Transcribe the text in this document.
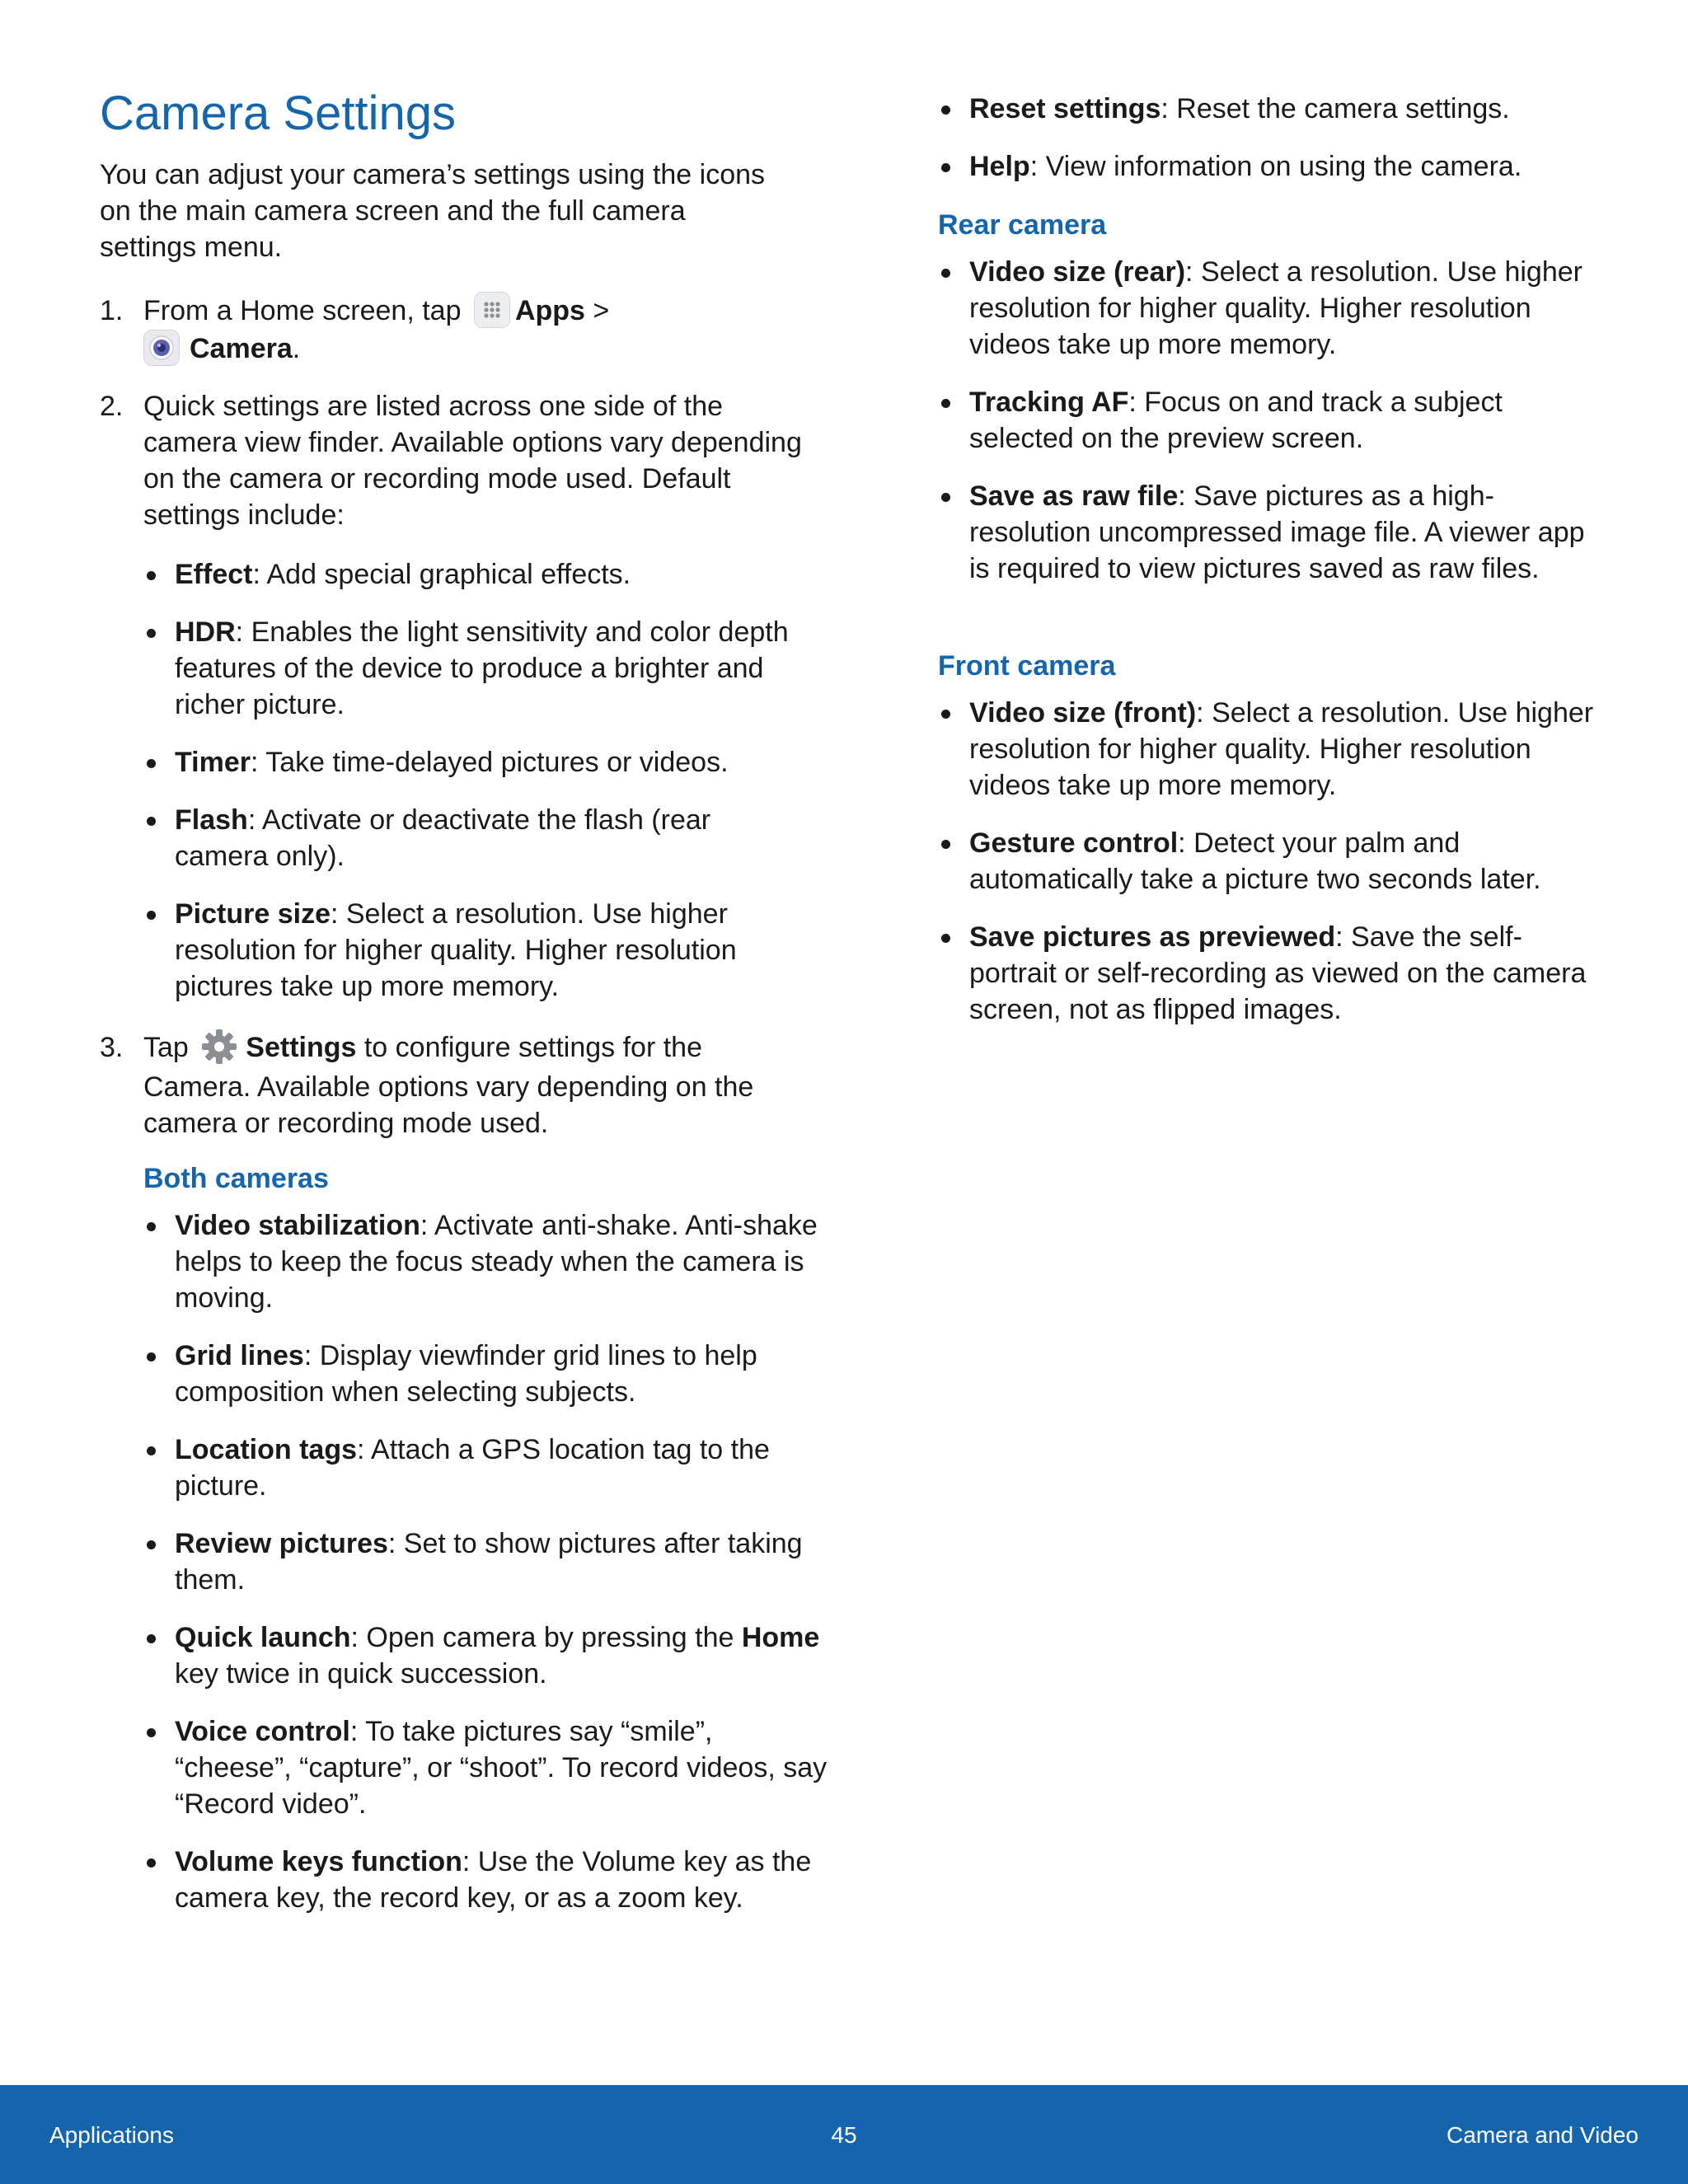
Camera Settings

You can adjust your camera’s settings using the icons on the main camera screen and the full camera settings menu.

1. From a Home screen, tap Apps >
Camera.
2. Quick settings are listed across one side of the camera view finder. Available options vary depending on the camera or recording mode used. Default settings include:
Effect: Add special graphical effects.
HDR: Enables the light sensitivity and color depth features of the device to produce a brighter and richer picture.
Timer: Take time-delayed pictures or videos.
Flash: Activate or deactivate the flash (rear camera only).
Picture size: Select a resolution. Use higher resolution for higher quality. Higher resolution pictures take up more memory.
3. Tap Settings to configure settings for the Camera. Available options vary depending on the camera or recording mode used.
Both cameras
Video stabilization: Activate anti-shake. Anti-shake helps to keep the focus steady when the camera is moving.
Grid lines: Display viewfinder grid lines to help composition when selecting subjects.
Location tags: Attach a GPS location tag to the picture.
Review pictures: Set to show pictures after taking them.
Quick launch: Open camera by pressing the Home key twice in quick succession.
Voice control: To take pictures say “smile”, “cheese”, “capture”, or “shoot”. To record videos, say “Record video”.
Volume keys function: Use the Volume key as the camera key, the record key, or as a zoom key.
Reset settings: Reset the camera settings.
Help: View information on using the camera.
Rear camera
Video size (rear): Select a resolution. Use higher resolution for higher quality. Higher resolution videos take up more memory.
Tracking AF: Focus on and track a subject selected on the preview screen.
Save as raw file: Save pictures as a high-resolution uncompressed image file. A viewer app is required to view pictures saved as raw files.
Front camera
Video size (front): Select a resolution. Use higher resolution for higher quality. Higher resolution videos take up more memory.
Gesture control: Detect your palm and automatically take a picture two seconds later.
Save pictures as previewed: Save the self-portrait or self-recording as viewed on the camera screen, not as flipped images.
Applications	45	Camera and Video
